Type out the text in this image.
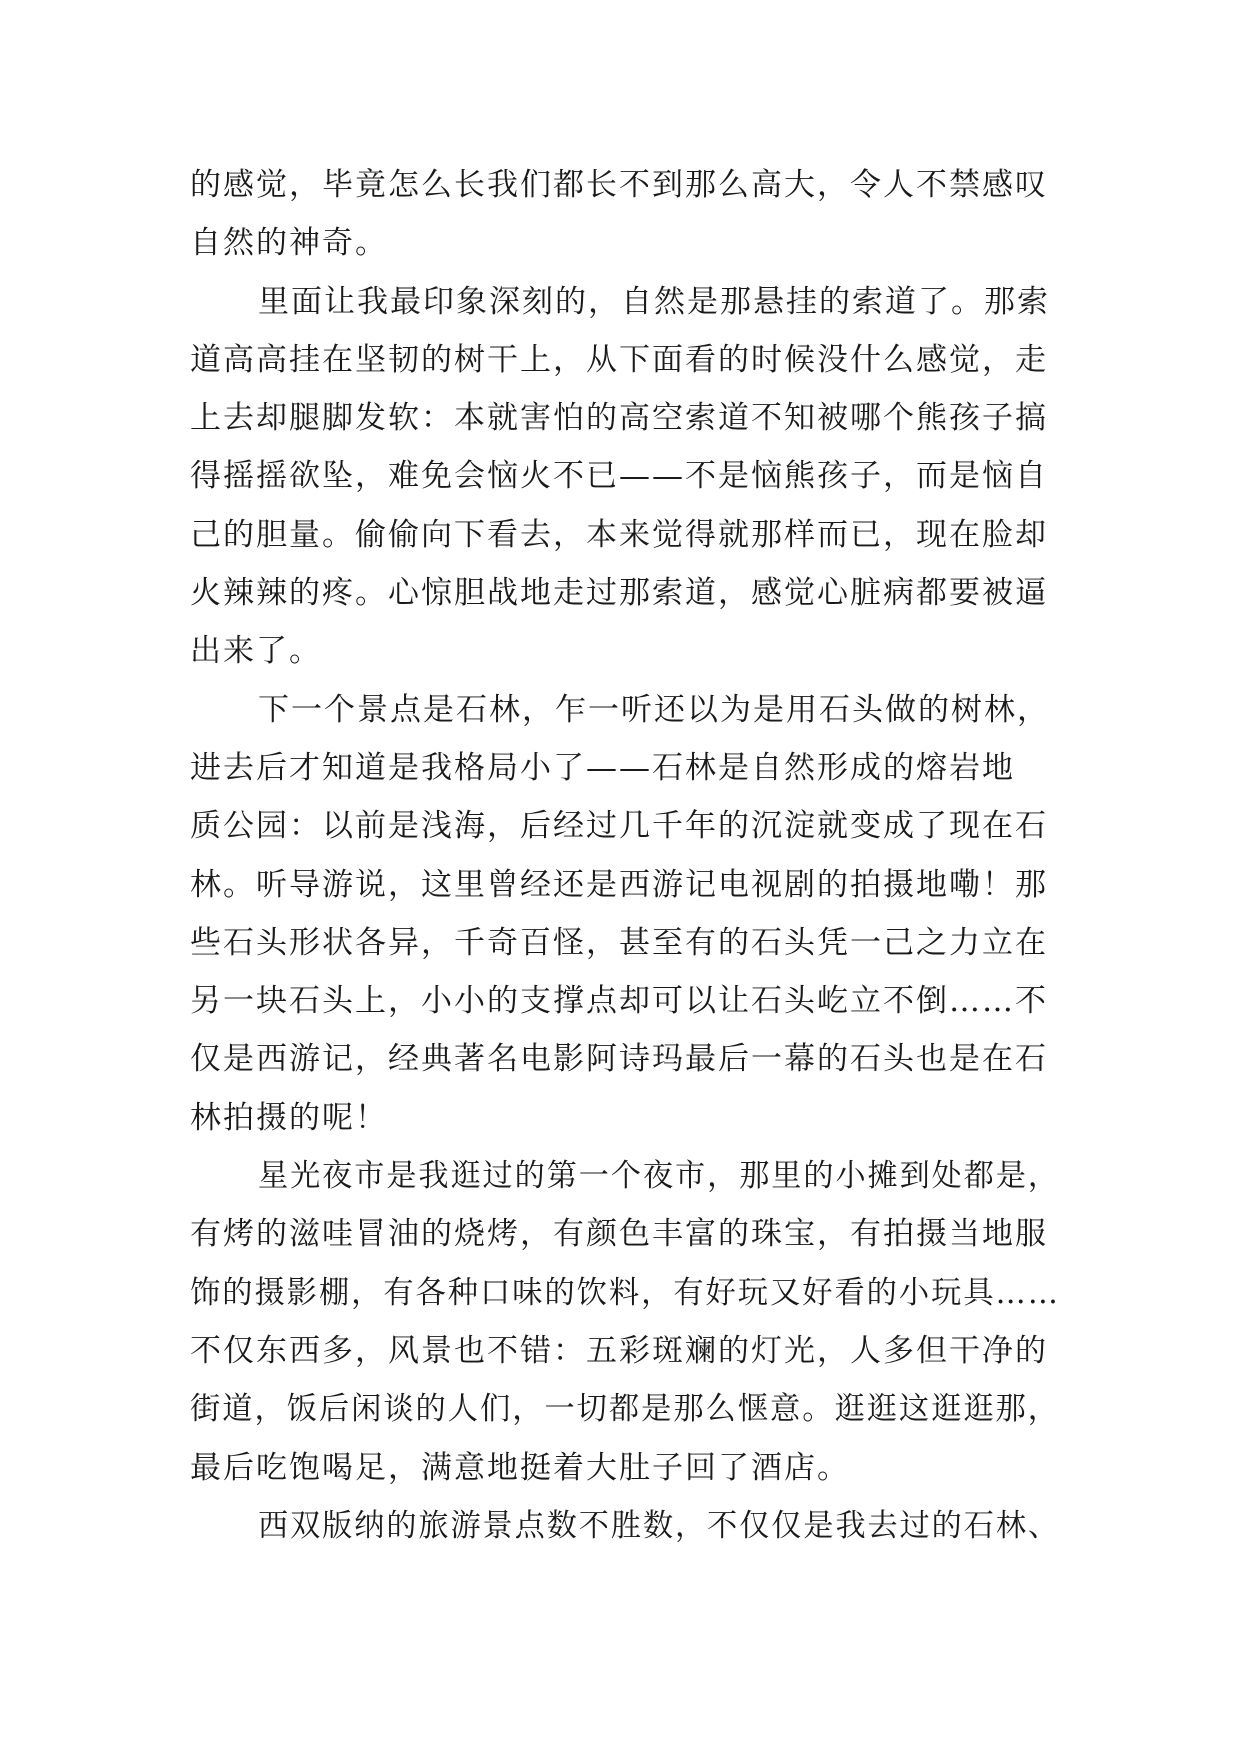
的感觉，毕竟怎么长我们都长不到那么高大，令人不禁感叹
自然的神奇。
里面让我最印象深刻的，自然是那悬挂的索道了。那索
道高高挂在坚韧的树干上，从下面看的时候没什么感觉，走
上去却腿脚发软：本就害怕的高空索道不知被哪个熊孩子搞
得摇摇欲坠，难免会恼火不已——不是恼熊孩子，而是恼自
己的胆量。偷偷向下看去，本来觉得就那样而已，现在脸却
火辣辣的疼。心惊胆战地走过那索道，感觉心脏病都要被逼
出来了。
下一个景点是石林，乍一听还以为是用石头做的树林，
进去后才知道是我格局小了——石林是自然形成的熔岩地
质公园：以前是浅海，后经过几千年的沉淀就变成了现在石
林。听导游说，这里曾经还是西游记电视剧的拍摄地嘞！那
些石头形状各异，千奇百怪，甚至有的石头凭一己之力立在
另一块石头上，小小的支撑点却可以让石头屹立不倒……不
仅是西游记，经典著名电影阿诗玛最后一幕的石头也是在石
林拍摄的呢！
星光夜市是我逛过的第一个夜市，那里的小摊到处都是，
有烤的滋哇冒油的烧烤，有颜色丰富的珠宝，有拍摄当地服
饰的摄影棚，有各种口味的饮料，有好玩又好看的小玩具……
不仅东西多，风景也不错：五彩斑斓的灯光，人多但干净的
街道，饭后闲谈的人们，一切都是那么惬意。逛逛这逛逛那，
最后吃饱喝足，满意地挺着大肚子回了酒店。
西双版纳的旅游景点数不胜数，不仅仅是我去过的石林、
